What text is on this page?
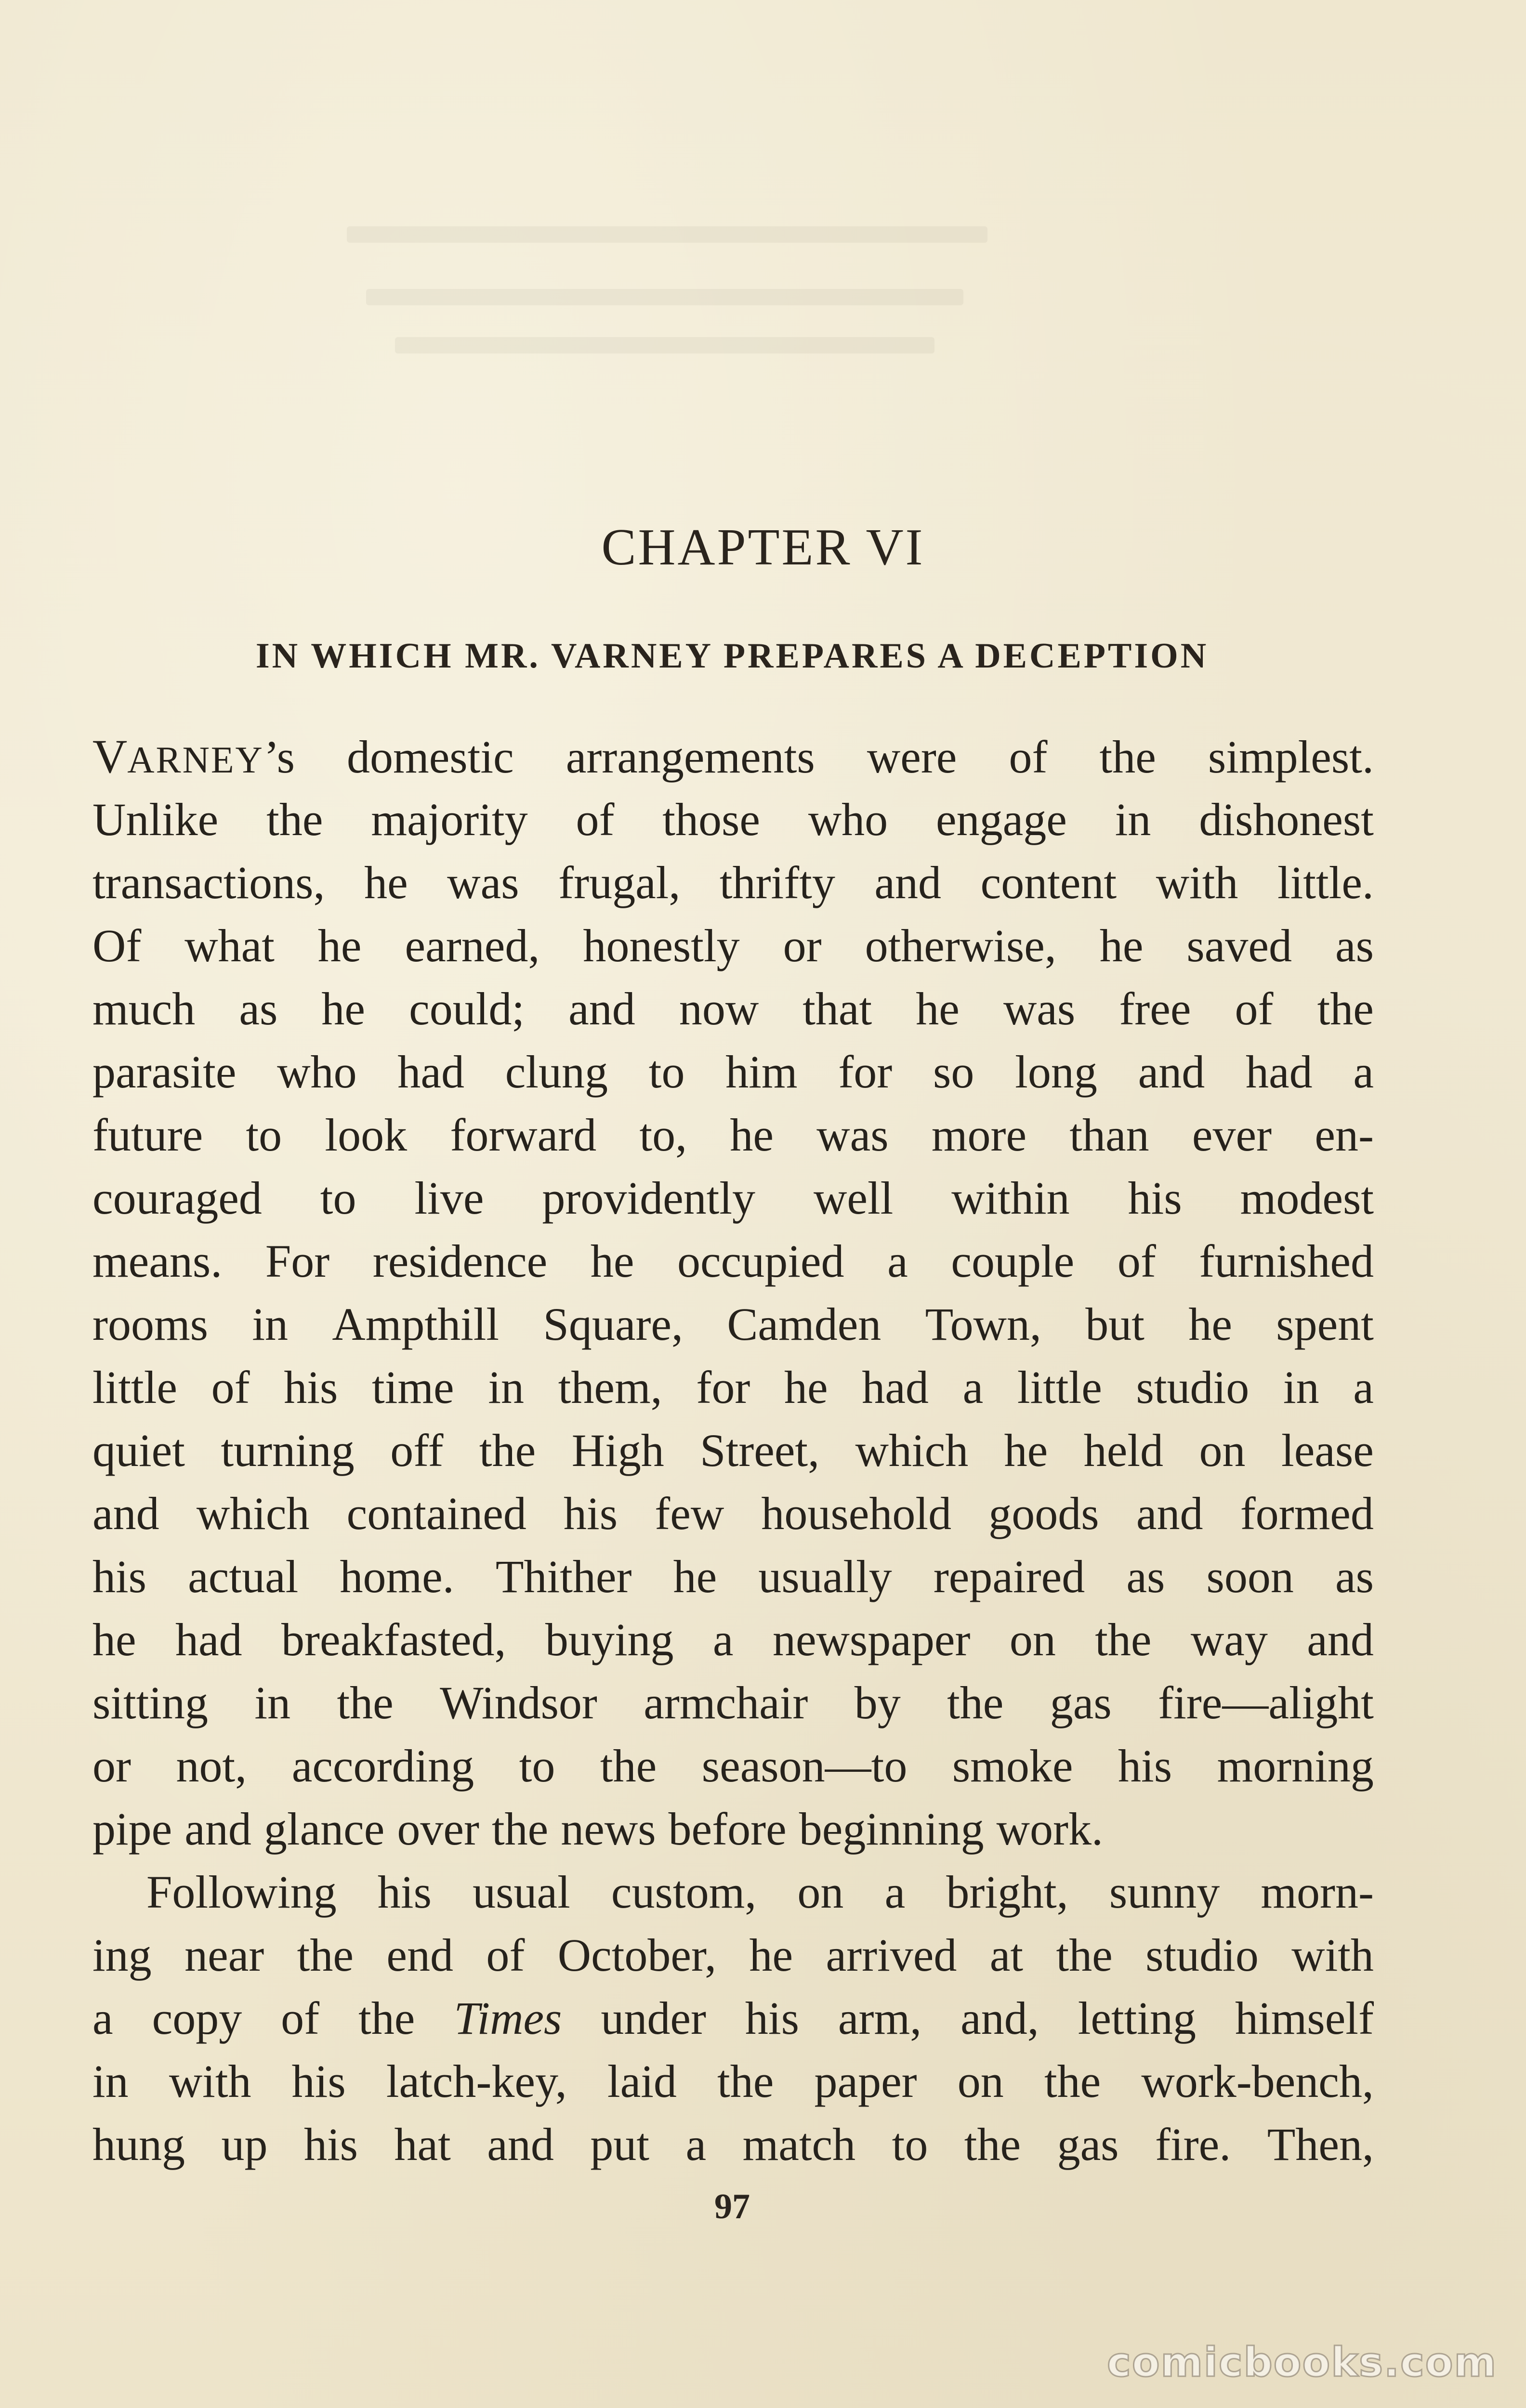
CHAPTER VI
IN WHICH MR. VARNEY PREPARES A DECEPTION
VARNEY’s domestic arrangements were of the simplest.
Unlike the majority of those who engage in dishonest
transactions, he was frugal, thrifty and content with little.
Of what he earned, honestly or otherwise, he saved as
much as he could; and now that he was free of the
parasite who had clung to him for so long and had a
future to look forward to, he was more than ever en-
couraged to live providently well within his modest
means. For residence he occupied a couple of furnished
rooms in Ampthill Square, Camden Town, but he spent
little of his time in them, for he had a little studio in a
quiet turning off the High Street, which he held on lease
and which contained his few household goods and formed
his actual home. Thither he usually repaired as soon as
he had breakfasted, buying a newspaper on the way and
sitting in the Windsor armchair by the gas fire—alight
or not, according to the season—to smoke his morning
pipe and glance over the news before beginning work.
Following his usual custom, on a bright, sunny morn-
ing near the end of October, he arrived at the studio with
a copy of the Times under his arm, and, letting himself
in with his latch-key, laid the paper on the work-bench,
hung up his hat and put a match to the gas fire. Then,
97
comicbooks.com
